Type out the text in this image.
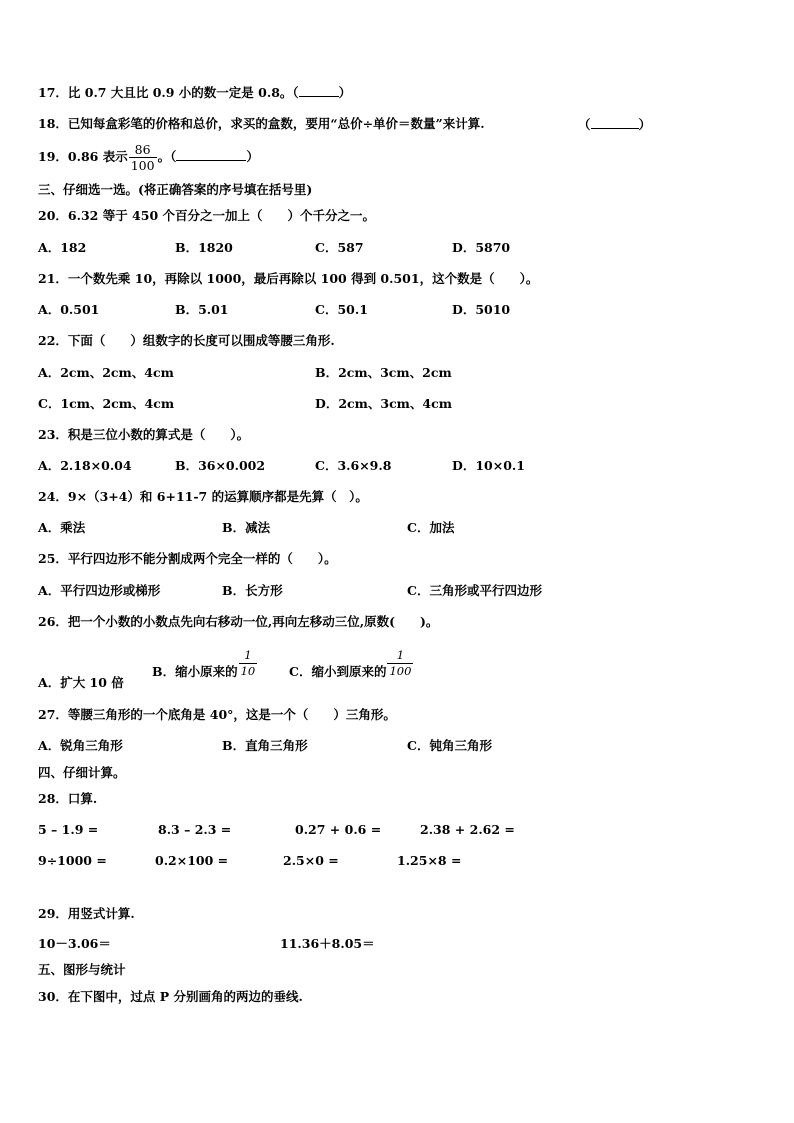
17．比 0.7 大且比 0.9 小的数一定是 0.8。（	）
18．已知每盒彩笔的价格和总价，求买的盒数，要用“总价÷单价＝数量”来计算.	（	）
19．0.86 表示 $\frac{86}{100}$ 。（	）
三、仔细选一选。(将正确答案的序号填在括号里)
20．6.32 等于 450 个百分之一加上（　　）个千分之一。
A．182	B．1820	C．587	D．5870
21．一个数先乘 10，再除以 1000，最后再除以 100 得到 0.501，这个数是（　　）。
A．0.501	B．5.01	C．50.1	D．5010
22．下面（　　）组数字的长度可以围成等腰三角形.
A．2cm、2cm、4cm	B．2cm、3cm、2cm
C．1cm、2cm、4cm	D．2cm、3cm、4cm
23．积是三位小数的算式是（　　）。
A．2.18×0.04	B．36×0.002	C．3.6×9.8	D．10×0.1
24．9×（3+4）和 6+11-7 的运算顺序都是先算（　）。
A．乘法	B．减法	C．加法
25．平行四边形不能分割成两个完全一样的（　　）。
A．平行四边形或梯形	B．长方形	C．三角形或平行四边形
26．把一个小数的小数点先向右移动一位,再向左移动三位,原数(　　)。
A．扩大 10 倍
B．缩小原来的 $\frac{1}{10}$	C．缩小到原来的 $\frac{1}{100}$
27．等腰三角形的一个底角是 40°，这是一个（　　）三角形。
A．锐角三角形	B．直角三角形	C．钝角三角形
四、仔细计算。
28．口算.
5 – 1.9 =	8.3 – 2.3 =	0.27 + 0.6 =	2.38 + 2.62 =
9÷1000 =	0.2×100 =	2.5×0 =	1.25×8 =
29．用竖式计算.
10－3.06＝	11.36＋8.05＝
五、图形与统计
30．在下图中，过点 P 分别画角的两边的垂线.
